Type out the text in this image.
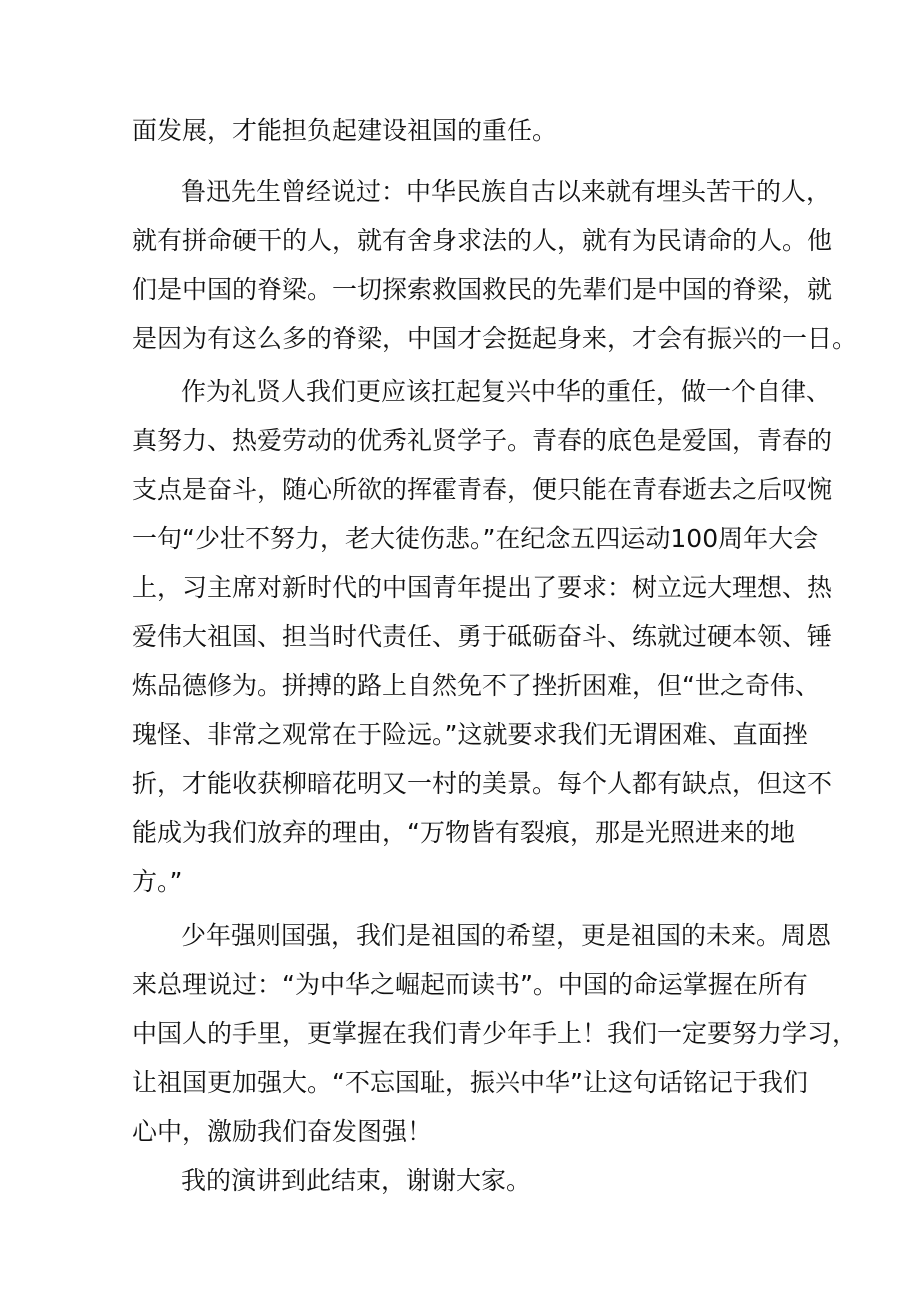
面发展，才能担负起建设祖国的重任。

鲁迅先生曾经说过：中华民族自古以来就有埋头苦干的人，

就有拼命硬干的人，就有舍身求法的人，就有为民请命的人。他

们是中国的脊梁。一切探索救国救民的先辈们是中国的脊梁，就

是因为有这么多的脊梁，中国才会挺起身来，才会有振兴的一日。

作为礼贤人我们更应该扛起复兴中华的重任，做一个自律、

真努力、热爱劳动的优秀礼贤学子。青春的底色是爱国，青春的

支点是奋斗，随心所欲的挥霍青春，便只能在青春逝去之后叹惋

一句“少壮不努力，老大徒伤悲。”在纪念五四运动100周年大会

上，习主席对新时代的中国青年提出了要求：树立远大理想、热

爱伟大祖国、担当时代责任、勇于砥砺奋斗、练就过硬本领、锤

炼品德修为。拼搏的路上自然免不了挫折困难，但“世之奇伟、

瑰怪、非常之观常在于险远。”这就要求我们无谓困难、直面挫

折，才能收获柳暗花明又一村的美景。每个人都有缺点，但这不

能成为我们放弃的理由，“万物皆有裂痕，那是光照进来的地

方。”

少年强则国强，我们是祖国的希望，更是祖国的未来。周恩

来总理说过：“为中华之崛起而读书”。中国的命运掌握在所有

中国人的手里，更掌握在我们青少年手上！我们一定要努力学习，

让祖国更加强大。“不忘国耻，振兴中华”让这句话铭记于我们

心中，激励我们奋发图强！

我的演讲到此结束，谢谢大家。
